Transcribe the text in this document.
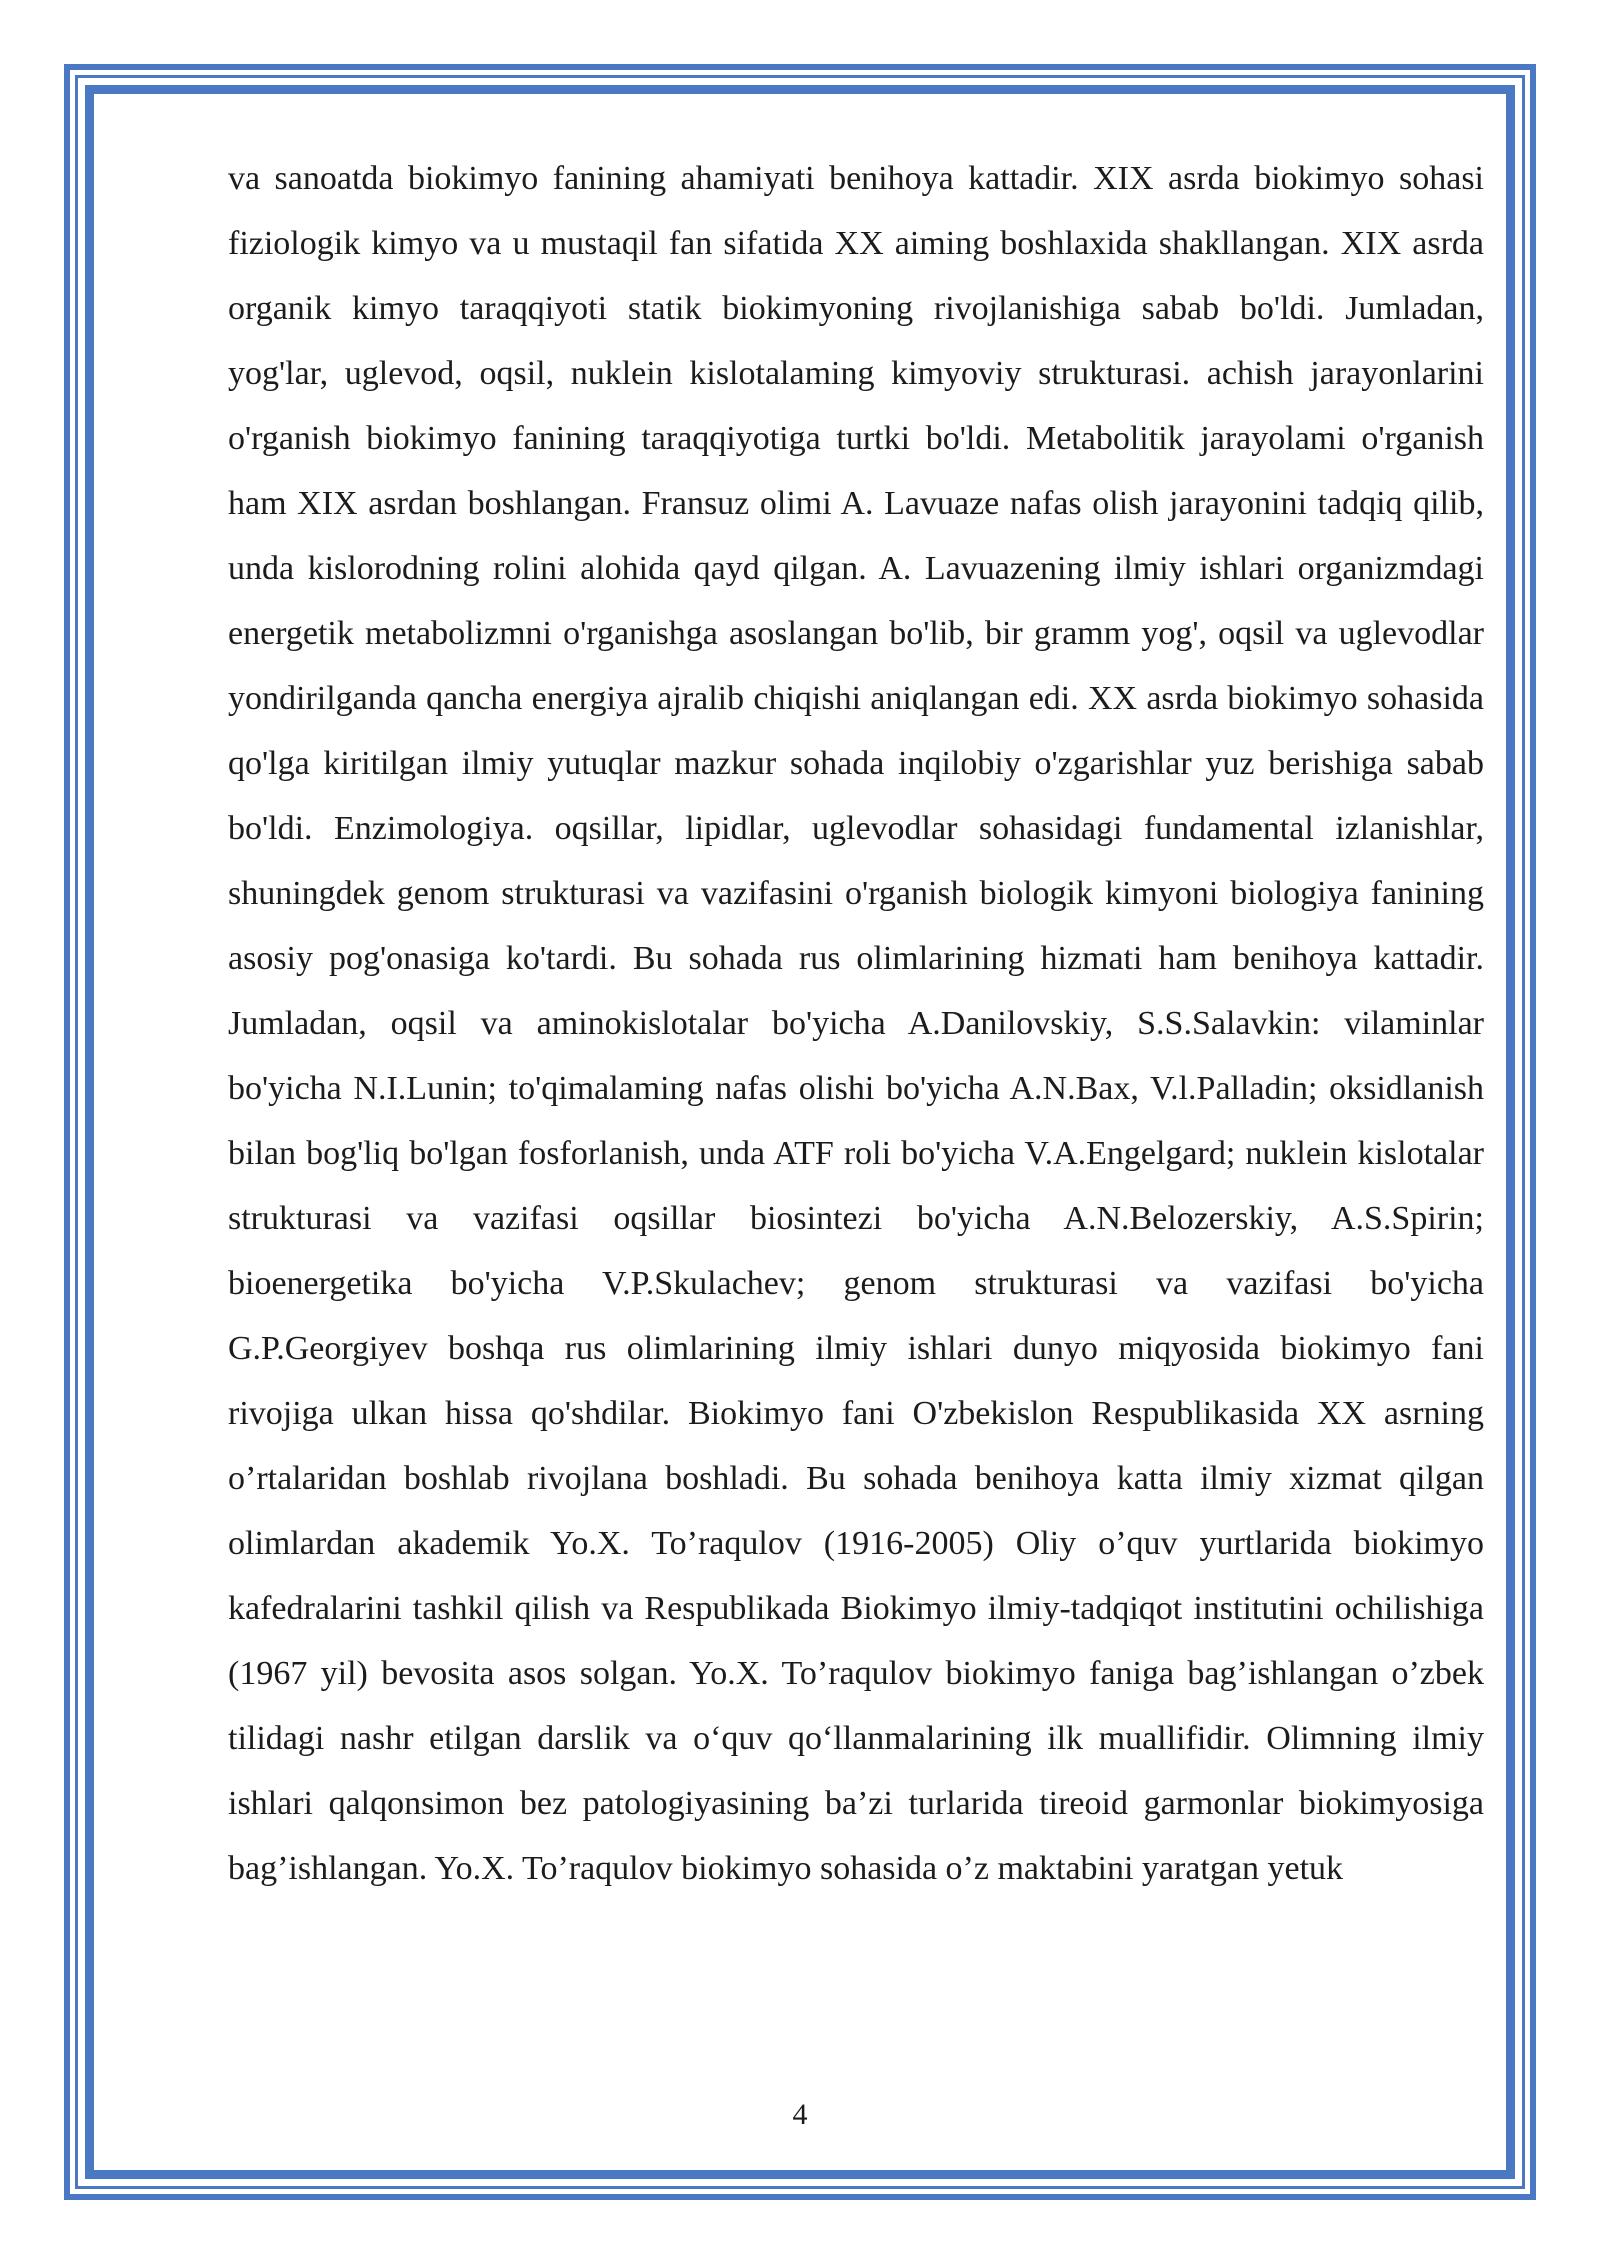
va sanoatda biokimyo fanining ahamiyati benihoya kattadir. XIX asrda biokimyo sohasi fiziologik kimyo va u mustaqil fan sifatida XX aiming boshlaxida shakllangan. XIX asrda organik kimyo taraqqiyoti statik biokimyoning rivojlanishiga sabab bo'ldi. Jumladan, yog'lar, uglevod, oqsil, nuklein kislotalaming kimyoviy strukturasi. achish jarayonlarini o'rganish biokimyo fanining taraqqiyotiga turtki bo'ldi. Metabolitik jarayolami o'rganish ham XIX asrdan boshlangan. Fransuz olimi A. Lavuaze nafas olish jarayonini tadqiq qilib, unda kislorodning rolini alohida qayd qilgan. A. Lavuazening ilmiy ishlari organizmdagi energetik metabolizmni o'rganishga asoslangan bo'lib, bir gramm yog', oqsil va uglevodlar yondirilganda qancha energiya ajralib chiqishi aniqlangan edi. XX asrda biokimyo sohasida qo'lga kiritilgan ilmiy yutuqlar mazkur sohada inqilobiy o'zgarishlar yuz berishiga sabab bo'ldi. Enzimologiya. oqsillar, lipidlar, uglevodlar sohasidagi fundamental izlanishlar, shuningdek genom strukturasi va vazifasini o'rganish biologik kimyoni biologiya fanining asosiy pog'onasiga ko'tardi. Bu sohada rus olimlarining hizmati ham benihoya kattadir. Jumladan, oqsil va aminokislotalar bo'yicha A.Danilovskiy, S.S.Salavkin: vilaminlar bo'yicha N.I.Lunin; to'qimalaming nafas olishi bo'yicha A.N.Bax, V.l.Palladin; oksidlanish bilan bog'liq bo'lgan fosforlanish, unda ATF roli bo'yicha V.A.Engelgard; nuklein kislotalar strukturasi va vazifasi oqsillar biosintezi bo'yicha A.N.Belozerskiy, A.S.Spirin; bioenergetika bo'yicha V.P.Skulachev; genom strukturasi va vazifasi bo'yicha G.P.Georgiyev boshqa rus olimlarining ilmiy ishlari dunyo miqyosida biokimyo fani rivojiga ulkan hissa qo'shdilar. Biokimyo fani O'zbekislon Respublikasida XX asrning o’rtalaridan boshlab rivojlana boshladi. Bu sohada benihoya katta ilmiy xizmat qilgan olimlardan akademik Yo.X. To’raqulov (1916-2005) Oliy o’quv yurtlarida biokimyo kafedralarini tashkil qilish va Respublikada Biokimyo ilmiy-tadqiqot institutini ochilishiga (1967 yil) bevosita asos solgan. Yo.X. To’raqulov biokimyo faniga bag’ishlangan o’zbek tilidagi nashr etilgan darslik va o‘quv qo‘llanmalarining ilk muallifidir. Olimning ilmiy ishlari qalqonsimon bez patologiyasining ba’zi turlarida tireoid garmonlar biokimyosiga bag’ishlangan. Yo.X. To’raqulov biokimyo sohasida o’z maktabini yaratgan yetuk

4
